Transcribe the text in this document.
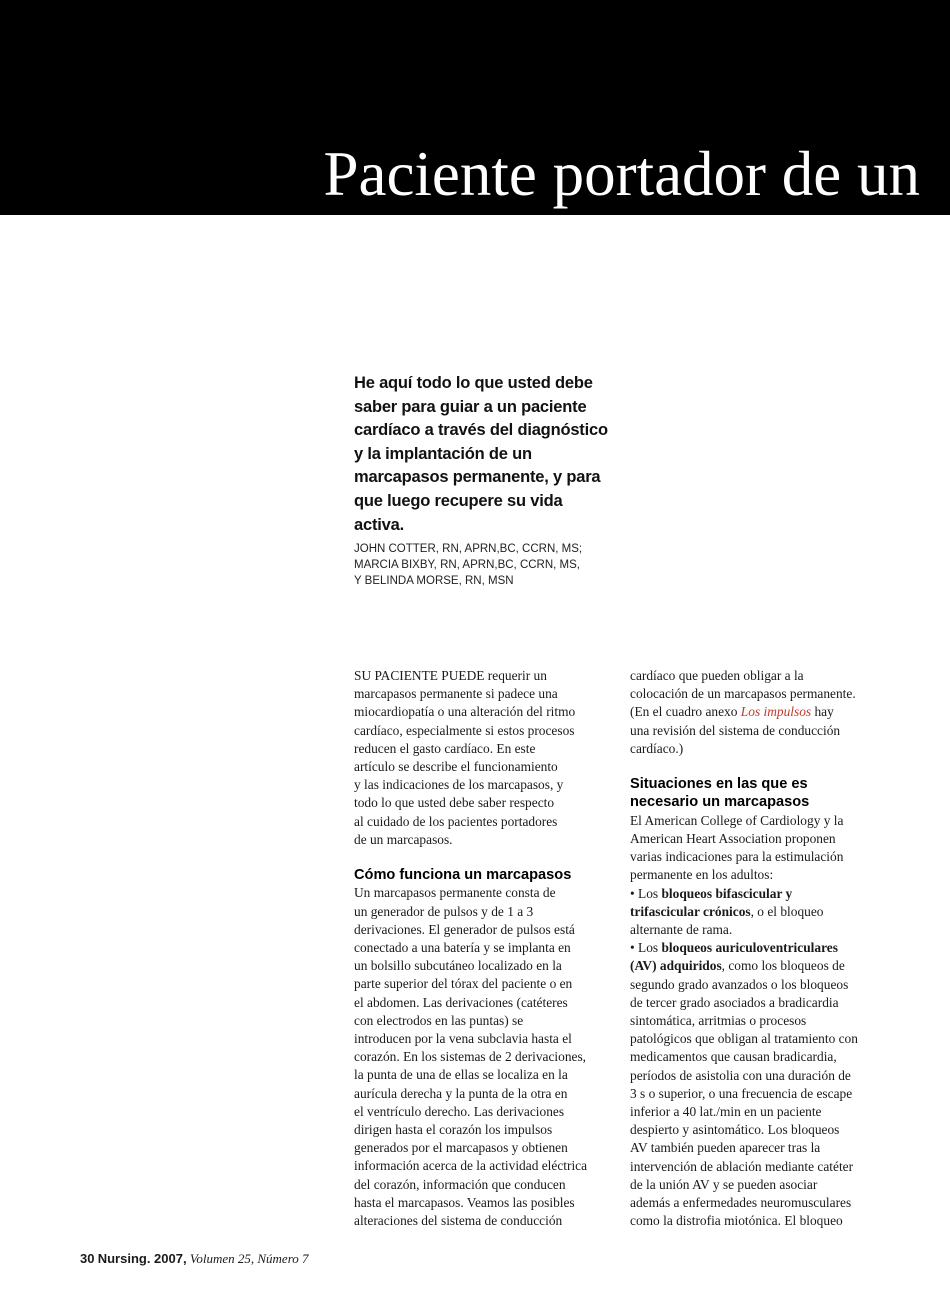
Paciente portador de un

He aquí todo lo que usted debe saber para guiar a un paciente cardíaco a través del diagnóstico y la implantación de un marcapasos permanente, y para que luego recupere su vida activa.

JOHN COTTER, RN, APRN,BC, CCRN, MS;
MARCIA BIXBY, RN, APRN,BC, CCRN, MS,
Y BELINDA MORSE, RN, MSN

SU PACIENTE PUEDE requerir un
marcapasos permanente si padece una
miocardiopatía o una alteración del ritmo
cardíaco, especialmente si estos procesos
reducen el gasto cardíaco. En este
artículo se describe el funcionamiento
y las indicaciones de los marcapasos, y
todo lo que usted debe saber respecto
al cuidado de los pacientes portadores
de un marcapasos.

Cómo funciona un marcapasos

Un marcapasos permanente consta de
un generador de pulsos y de 1 a 3
derivaciones. El generador de pulsos está
conectado a una batería y se implanta en
un bolsillo subcutáneo localizado en la
parte superior del tórax del paciente o en
el abdomen. Las derivaciones (catéteres
con electrodos en las puntas) se
introducen por la vena subclavia hasta el
corazón. En los sistemas de 2 derivaciones,
la punta de una de ellas se localiza en la
aurícula derecha y la punta de la otra en
el ventrículo derecho. Las derivaciones
dirigen hasta el corazón los impulsos
generados por el marcapasos y obtienen
información acerca de la actividad eléctrica
del corazón, información que conducen
hasta el marcapasos. Veamos las posibles
alteraciones del sistema de conducción

cardíaco que pueden obligar a la
colocación de un marcapasos permanente.
(En el cuadro anexo Los impulsos hay
una revisión del sistema de conducción
cardíaco.)

Situaciones en las que es
necesario un marcapasos

El American College of Cardiology y la
American Heart Association proponen
varias indicaciones para la estimulación
permanente en los adultos:

• Los bloqueos bifascicular y
trifascicular crónicos, o el bloqueo
alternante de rama.

• Los bloqueos auriculoventriculares
(AV) adquiridos, como los bloqueos de
segundo grado avanzados o los bloqueos
de tercer grado asociados a bradicardia
sintomática, arritmias o procesos
patológicos que obligan al tratamiento con
medicamentos que causan bradicardia,
períodos de asistolia con una duración de
3 s o superior, o una frecuencia de escape
inferior a 40 lat./min en un paciente
despierto y asintomático. Los bloqueos
AV también pueden aparecer tras la
intervención de ablación mediante catéter
de la unión AV y se pueden asociar
además a enfermedades neuromusculares
como la distrofia miotónica. El bloqueo

30 Nursing. 2007, Volumen 25, Número 7
